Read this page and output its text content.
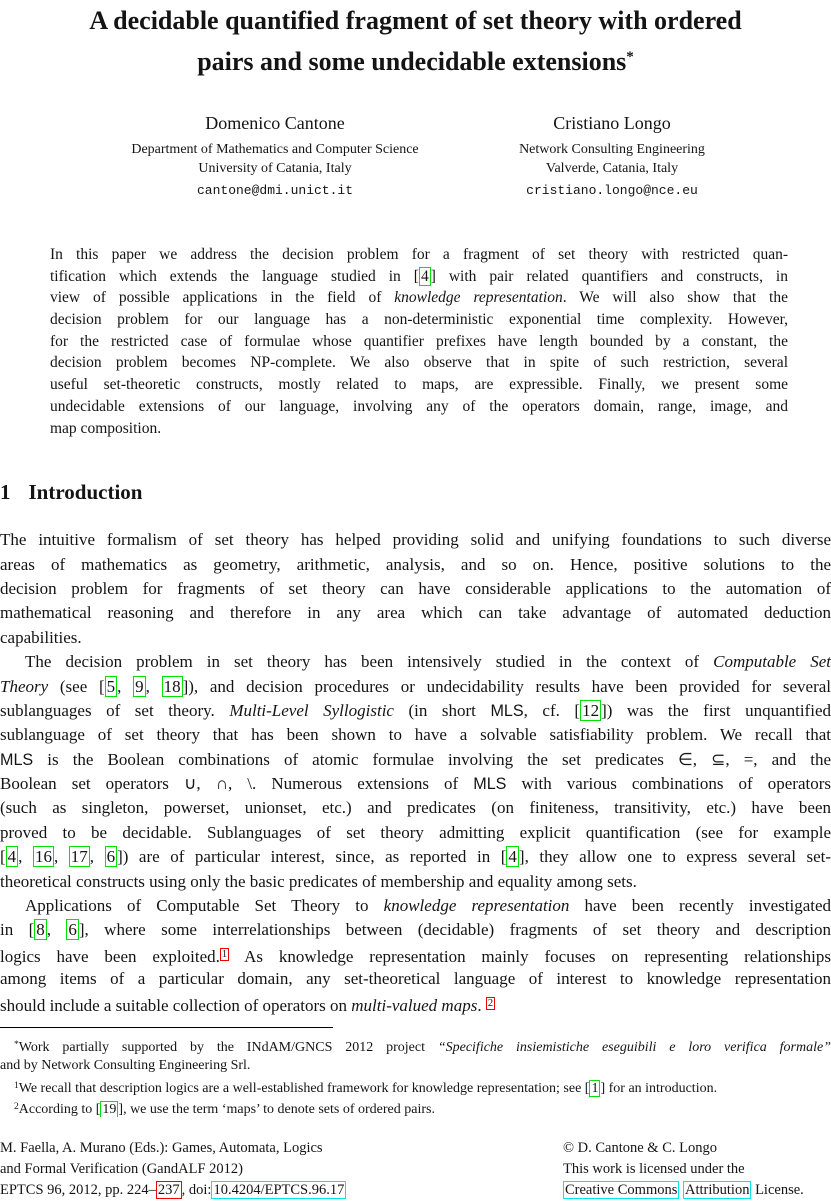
A decidable quantified fragment of set theory with ordered
pairs and some undecidable extensions*
Domenico Cantone
Department of Mathematics and Computer Science
University of Catania, Italy
cantone@dmi.unict.it
Cristiano Longo
Network Consulting Engineering
Valverde, Catania, Italy
cristiano.longo@nce.eu
In this paper we address the decision problem for a fragment of set theory with restricted quan-
tification which extends the language studied in [ 4 ] with pair related quantifiers and constructs, in
view of possible applications in the field of knowledge representation. We will also show that the
decision problem for our language has a non-deterministic exponential time complexity. However,
for the restricted case of formulae whose quantifier prefixes have length bounded by a constant, the
decision problem becomes NP-complete. We also observe that in spite of such restriction, several
useful set-theoretic constructs, mostly related to maps, are expressible. Finally, we present some
undecidable extensions of our language, involving any of the operators domain, range, image, and
map composition.
1 Introduction
The intuitive formalism of set theory has helped providing solid and unifying foundations to such diverse
areas of mathematics as geometry, arithmetic, analysis, and so on. Hence, positive solutions to the
decision problem for fragments of set theory can have considerable applications to the automation of
mathematical reasoning and therefore in any area which can take advantage of automated deduction
capabilities.
The decision problem in set theory has been intensively studied in the context of Computable Set
Theory (see [ 5 , 9 , 18 ]), and decision procedures or undecidability results have been provided for several
sublanguages of set theory. Multi-Level Syllogistic (in short MLS, cf. [ 12 ]) was the first unquantified
sublanguage of set theory that has been shown to have a solvable satisfiability problem. We recall that
MLS is the Boolean combinations of atomic formulae involving the set predicates ∈, ⊆, =, and the
Boolean set operators ∪, ∩, \. Numerous extensions of MLS with various combinations of operators
(such as singleton, powerset, unionset, etc.) and predicates (on finiteness, transitivity, etc.) have been
proved to be decidable. Sublanguages of set theory admitting explicit quantification (see for example
[ 4 , 16 , 17 , 6 ]) are of particular interest, since, as reported in [ 4 ], they allow one to express several set-
theoretical constructs using only the basic predicates of membership and equality among sets.
Applications of Computable Set Theory to knowledge representation have been recently investigated
in [ 8 , 6 ], where some interrelationships between (decidable) fragments of set theory and description
logics have been exploited. $^1$ As knowledge representation mainly focuses on representing relationships
among items of a particular domain, any set-theoretical language of interest to knowledge representation
should include a suitable collection of operators on multi-valued maps. $^2$
*Work partially supported by the INdAM/GNCS 2012 project “Specifiche insiemistiche eseguibili e loro verifica formale”
and by Network Consulting Engineering Srl.
$^1$We recall that description logics are a well-established framework for knowledge representation; see [ 1 ] for an introduction.
$^2$According to [ 19 ], we use the term ‘maps’ to denote sets of ordered pairs.
M. Faella, A. Murano (Eds.): Games, Automata, Logics
and Formal Verification (GandALF 2012)
EPTCS 96, 2012, pp. 224– 237 , doi: 10.4204/EPTCS.96.17
© D. Cantone & C. Longo
This work is licensed under the
Creative Commons Attribution License.
